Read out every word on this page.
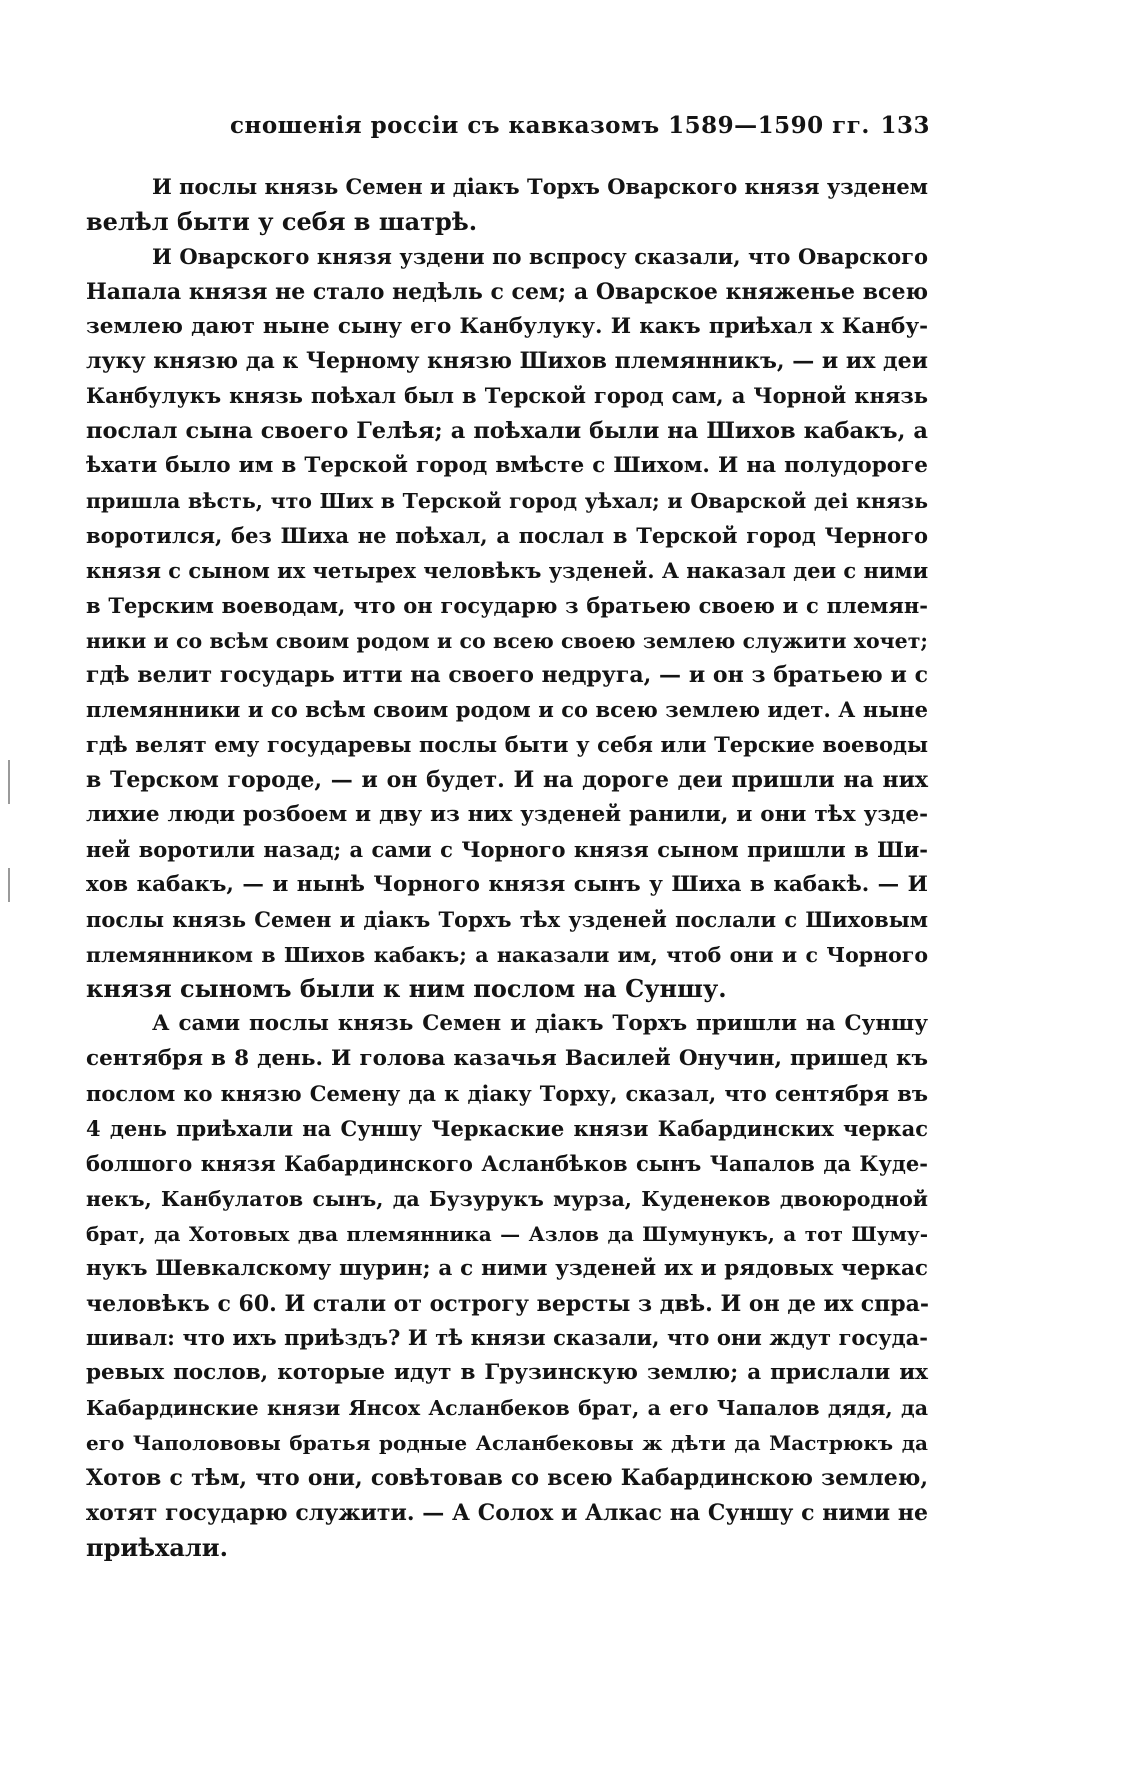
сношенія россіи съ кавказомъ 1589—1590 гг. 133
И послы князь Семен и діакъ Торхъ Оварского князя узденем
велѣл быти у себя в шатрѣ.
И Оварского князя уздени по вспросу сказали, что Оварского
Напала князя не стало недѣль с сем; а Оварское княженье всею
землею дают ныне сыну его Канбулуку. И какъ приѣхал х Канбу-
луку князю да к Черному князю Шихов племянникъ, — и их деи
Канбулукъ князь поѣхал был в Терской город сам, а Чорной князь
послал сына своего Гелѣя; а поѣхали были на Шихов кабакъ, а
ѣхати было им в Терской город вмѣсте с Шихом. И на полудороге
пришла вѣсть, что Ших в Терской город уѣхал; и Оварской деі князь
воротился, без Шиха не поѣхал, а послал в Терской город Черного
князя с сыном их четырех человѣкъ узденей. А наказал деи с ними
в Терским воеводам, что он государю з братьею своею и с племян-
ники и со всѣм своим родом и со всею своею землею служити хочет;
гдѣ велит государь итти на своего недруга, — и он з братьею и с
племянники и со всѣм своим родом и со всею землею идет. А ныне
гдѣ велят ему государевы послы быти у себя или Терские воеводы
в Терском городе, — и он будет. И на дороге деи пришли на них
лихие люди розбоем и дву из них узденей ранили, и они тѣх узде-
ней воротили назад; а сами с Чорного князя сыном пришли в Ши-
хов кабакъ, — и нынѣ Чорного князя сынъ у Шиха в кабакѣ. — И
послы князь Семен и діакъ Торхъ тѣх узденей послали с Шиховым
племянником в Шихов кабакъ; а наказали им, чтоб они и с Чорного
князя сыномъ были к ним послом на Суншу.
А сами послы князь Семен и діакъ Торхъ пришли на Суншу
сентября в 8 день. И голова казачья Василей Онучин, пришед къ
послом ко князю Семену да к діаку Торху, сказал, что сентября въ
4 день приѣхали на Суншу Черкаские князи Кабардинских черкас
болшого князя Кабардинского Асланбѣков сынъ Чапалов да Куде-
некъ, Канбулатов сынъ, да Бузурукъ мурза, Куденеков двоюродной
брат, да Хотовых два племянника — Азлов да Шумунукъ, а тот Шуму-
нукъ Шевкалскому шурин; а с ними узденей их и рядовых черкас
человѣкъ с 60. И стали от острогу версты з двѣ. И он де их спра-
шивал: что ихъ приѣздъ? И тѣ князи сказали, что они ждут госуда-
ревых послов, которые идут в Грузинскую землю; а прислали их
Кабардинские князи Янсох Асланбеков брат, а его Чапалов дядя, да
его Чаполововы братья родные Асланбековы ж дѣти да Мастрюкъ да
Хотов с тѣм, что они, совѣтовав со всею Кабардинскою землею,
хотят государю служити. — А Солох и Алкас на Суншу с ними не
приѣхали.
